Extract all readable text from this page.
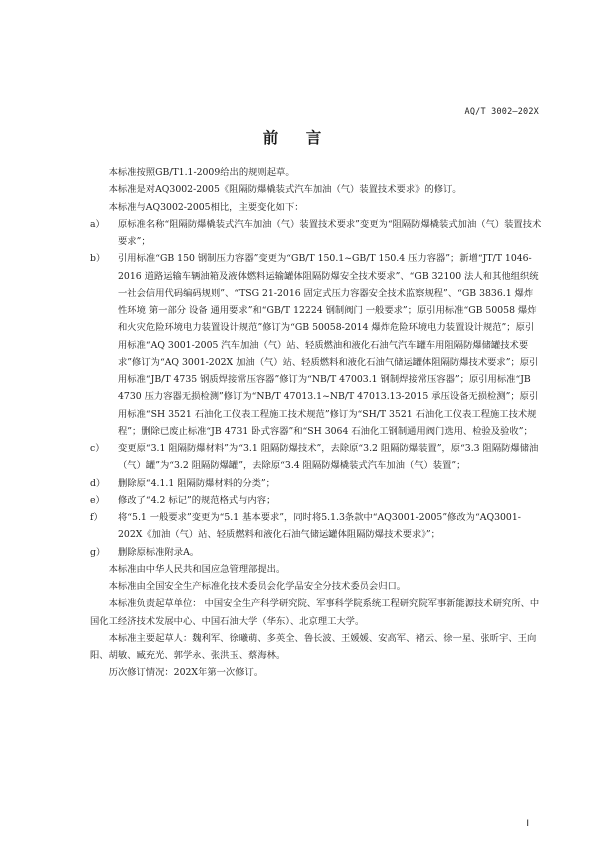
AQ/T 3002—202X
前 言

本标准按照GB/T1.1-2009给出的规则起草。

本标准是对AQ3002-2005《阻隔防爆橇装式汽车加油（气）装置技术要求》的修订。

本标准与AQ3002-2005相比，主要变化如下：

a） 原标准名称“阻隔防爆橇装式汽车加油（气）装置技术要求”变更为“阻隔防爆橇装式加油（气）装置技术要求”；
b） 引用标准“GB 150 钢制压力容器”变更为“GB/T 150.1~GB/T 150.4 压力容器”；新增“JT/T 1046-2016 道路运输车辆油箱及液体燃料运输罐体阻隔防爆安全技术要求”、“GB 32100 法人和其他组织统一社会信用代码编码规则”、“TSG 21-2016 固定式压力容器安全技术监察规程”、“GB 3836.1 爆炸性环境 第一部分 设备 通用要求”和“GB/T 12224 钢制阀门 一般要求”；原引用标准“GB 50058 爆炸和火灾危险环境电力装置设计规范”修订为“GB 50058-2014 爆炸危险环境电力装置设计规范”；原引用标准“AQ 3001-2005 汽车加油（气）站、轻质燃油和液化石油气汽车罐车用阻隔防爆储罐技术要求”修订为“AQ 3001-202X 加油（气）站、轻质燃料和液化石油气储运罐体阻隔防爆技术要求”；原引用标准“JB/T 4735 钢质焊接常压容器”修订为“NB/T 47003.1 钢制焊接常压容器”；原引用标准“JB 4730 压力容器无损检测”修订为“NB/T 47013.1~NB/T 47013.13-2015 承压设备无损检测”；原引用标准“SH 3521 石油化工仪表工程施工技术规范”修订为“SH/T 3521 石油化工仪表工程施工技术规程”；删除已废止标准“JB 4731 卧式容器”和“SH 3064 石油化工钢制通用阀门选用、检验及验收”；
c） 变更原“3.1 阻隔防爆材料”为“3.1 阻隔防爆技术”，去除原“3.2 阻隔防爆装置”，原“3.3 阻隔防爆储油（气）罐”为“3.2 阻隔防爆罐”，去除原“3.4 阻隔防爆橇装式汽车加油（气）装置”；
d） 删除原“4.1.1 阻隔防爆材料的分类”；
e） 修改了“4.2 标记”的规范格式与内容；
f） 将“5.1 一般要求”变更为“5.1 基本要求”，同时将5.1.3条款中“AQ3001-2005”修改为“AQ3001-202X《加油（气）站、轻质燃料和液化石油气储运罐体阻隔防爆技术要求》”；
g） 删除原标准附录A。

本标准由中华人民共和国应急管理部提出。

本标准由全国安全生产标准化技术委员会化学品安全分技术委员会归口。

本标准负责起草单位： 中国安全生产科学研究院、军事科学院系统工程研究院军事新能源技术研究所、中国化工经济技术发展中心、中国石油大学（华东）、北京理工大学。

本标准主要起草人：魏利军、徐曦萌、多英全、鲁长波、王媛媛、安高军、褚云、徐一星、张昕宇、王向阳、胡敏、臧充光、郭学永、张洪玉、蔡海林。

历次修订情况：202X年第一次修订。

I
